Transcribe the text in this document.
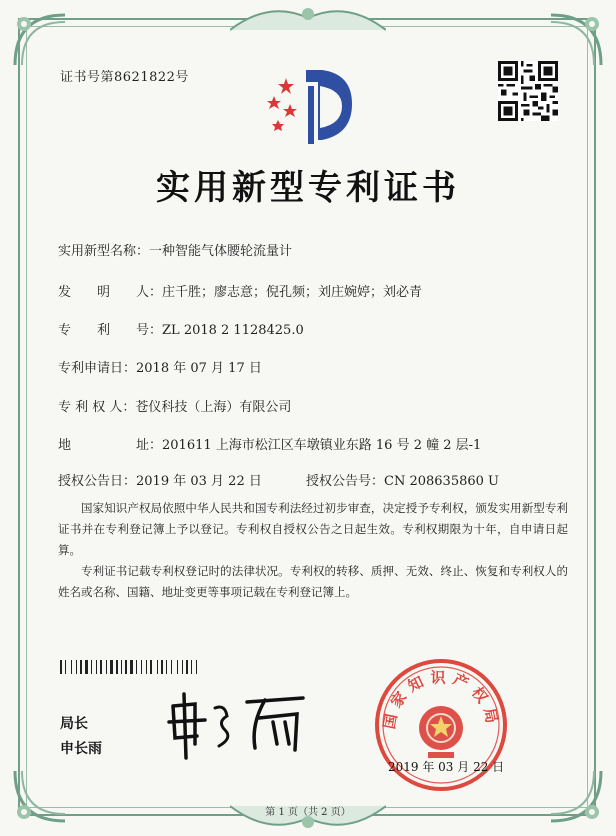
证书号第8621822号
实用新型专利证书
实用新型名称：一种智能气体腰轮流量计
发　　明　　人：庄千胜；廖志意；倪孔频；刘庄婉婷；刘必青
专　　利　　号：ZL 2018 2 1128425.0
专利申请日：2018 年 07 月 17 日
专 利 权 人：苍仪科技（上海）有限公司
地　　　　　址：201611 上海市松江区车墩镇业东路 16 号 2 幢 2 层-1
授权公告日：2019 年 03 月 22 日	授权公告号：CN 208635860 U

国家知识产权局依照中华人民共和国专利法经过初步审查，决定授予专利权，颁发实用新型专利证书并在专利登记簿上予以登记。专利权自授权公告之日起生效。专利权期限为十年，自申请日起算。

专利证书记载专利权登记时的法律状况。专利权的转移、质押、无效、终止、恢复和专利权人的姓名或名称、国籍、地址变更等事项记载在专利登记簿上。

局长
申长雨
国家知识产权局
2019 年 03 月 22 日
第 1 页（共 2 页）
